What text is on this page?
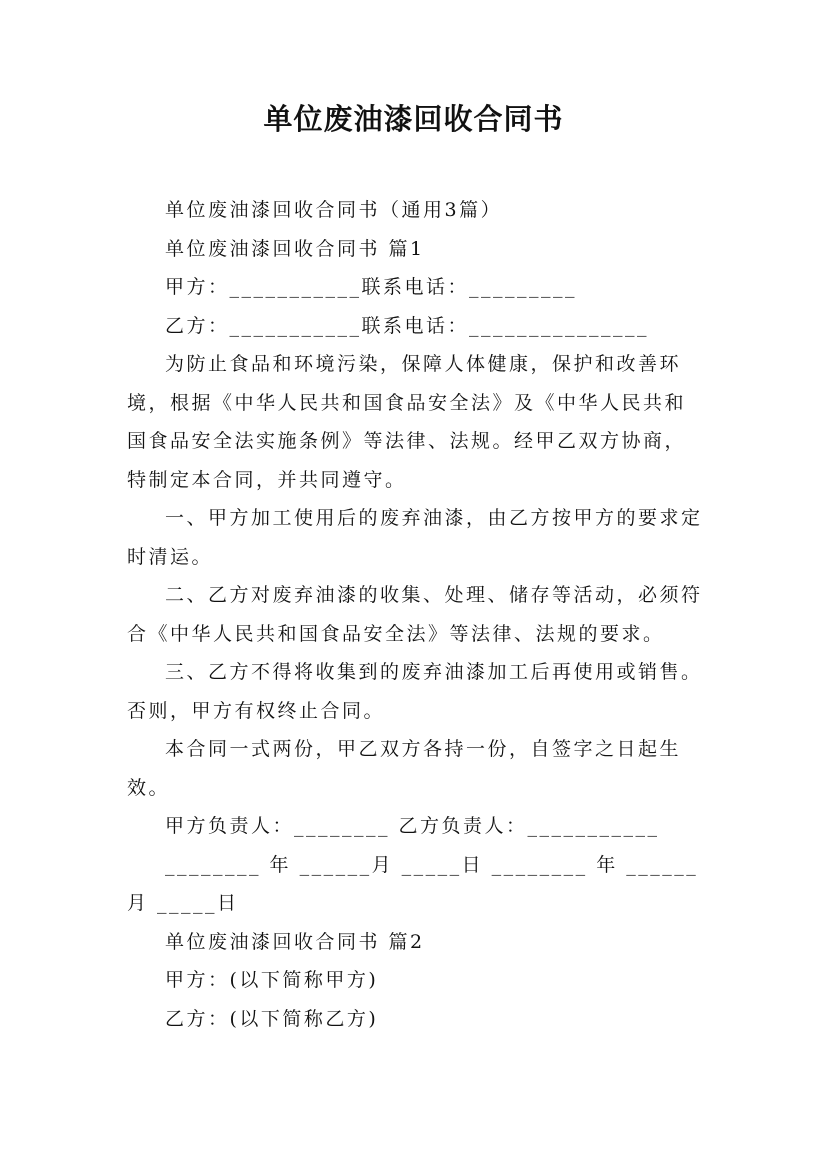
单位废油漆回收合同书

单位废油漆回收合同书（通用3篇）

单位废油漆回收合同书 篇1

甲方：___________联系电话：_________

乙方：___________联系电话：_______________

为防止食品和环境污染，保障人体健康，保护和改善环境，根据《中华人民共和国食品安全法》及《中华人民共和国食品安全法实施条例》等法律、法规。经甲乙双方协商，特制定本合同，并共同遵守。

一、甲方加工使用后的废弃油漆，由乙方按甲方的要求定时清运。

二、乙方对废弃油漆的收集、处理、储存等活动，必须符合《中华人民共和国食品安全法》等法律、法规的要求。

三、乙方不得将收集到的废弃油漆加工后再使用或销售。否则，甲方有权终止合同。

本合同一式两份，甲乙双方各持一份，自签字之日起生效。

甲方负责人：________ 乙方负责人：___________

________ 年 ______月 _____日 ________ 年 ______月 _____日

单位废油漆回收合同书 篇2

甲方：(以下简称甲方)

乙方：(以下简称乙方)
